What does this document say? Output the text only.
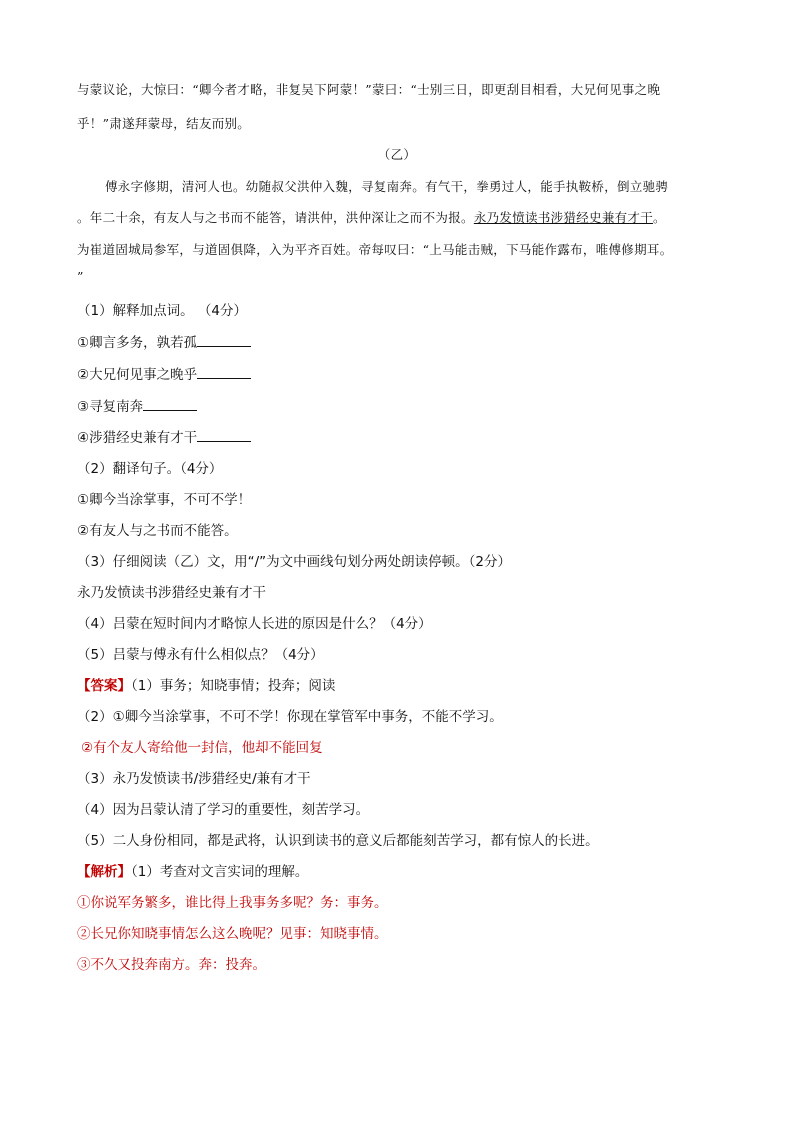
与蒙议论，大惊曰：“卿今者才略，非复吴下阿蒙！”蒙曰：“士别三日，即更刮目相看，大兄何见事之晚
乎！”肃遂拜蒙母，结友而别。
（乙）
傅永字修期，清河人也。幼随叔父洪仲入魏，寻复南奔。有气干，拳勇过人，能手执鞍桥，倒立驰骋
。年二十余，有友人与之书而不能答，请洪仲，洪仲深让之而不为报。永乃发愤读书涉猎经史兼有才干。
为崔道固城局参军，与道固俱降，入为平齐百姓。帝每叹曰：“上马能击贼，下马能作露布，唯傅修期耳。
”
（1）解释加点词。 （4分）
①卿言多务，孰若孤
②大兄何见事之晚乎
③寻复南奔
④涉猎经史兼有才干
（2）翻译句子。（4分）
①卿今当涂掌事，不可不学！
②有友人与之书而不能答。
（3）仔细阅读（乙）文，用“/”为文中画线句划分两处朗读停顿。（2分）
永乃发愤读书涉猎经史兼有才干
（4）吕蒙在短时间内才略惊人长进的原因是什么？（4分）
（5）吕蒙与傅永有什么相似点？（4分）
【答案】（1）事务；知晓事情；投奔；阅读
（2）①卿今当涂掌事，不可不学！你现在掌管军中事务，不能不学习。
②有个友人寄给他一封信，他却不能回复
（3）永乃发愤读书/涉猎经史/兼有才干
（4）因为吕蒙认清了学习的重要性，刻苦学习。
（5）二人身份相同，都是武将，认识到读书的意义后都能刻苦学习，都有惊人的长进。
【解析】（1）考查对文言实词的理解。
①你说军务繁多，谁比得上我事务多呢？务：事务。
②长兄你知晓事情怎么这么晚呢？见事：知晓事情。
③不久又投奔南方。奔：投奔。
